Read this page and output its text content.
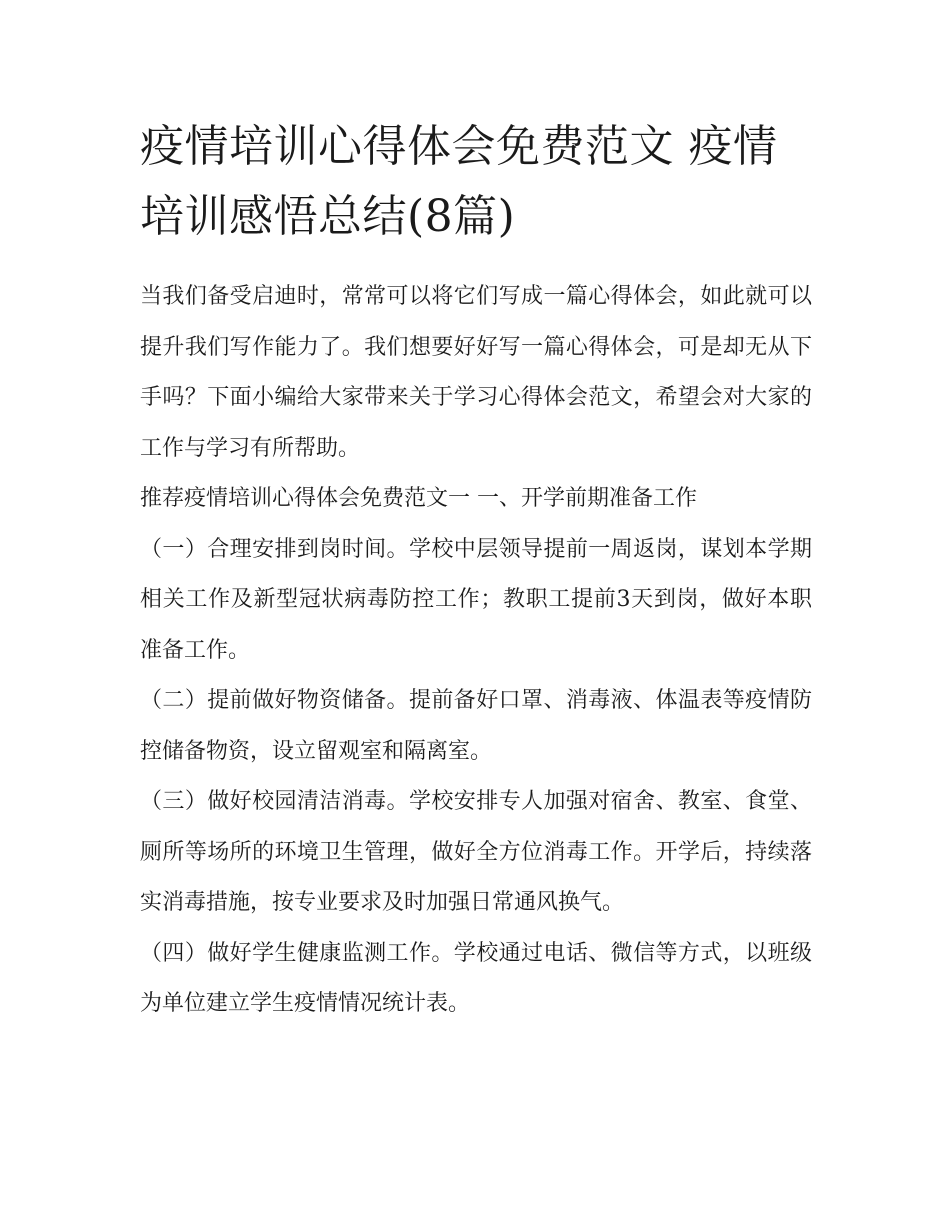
疫情培训心得体会免费范文 疫情培训感悟总结(8篇)

当我们备受启迪时，常常可以将它们写成一篇心得体会，如此就可以提升我们写作能力了。我们想要好好写一篇心得体会，可是却无从下手吗？下面小编给大家带来关于学习心得体会范文，希望会对大家的工作与学习有所帮助。

推荐疫情培训心得体会免费范文一 一、开学前期准备工作

（一）合理安排到岗时间。学校中层领导提前一周返岗，谋划本学期相关工作及新型冠状病毒防控工作；教职工提前3天到岗，做好本职准备工作。

（二）提前做好物资储备。提前备好口罩、消毒液、体温表等疫情防控储备物资，设立留观室和隔离室。

（三）做好校园清洁消毒。学校安排专人加强对宿舍、教室、食堂、厕所等场所的环境卫生管理，做好全方位消毒工作。开学后，持续落实消毒措施，按专业要求及时加强日常通风换气。

（四）做好学生健康监测工作。学校通过电话、微信等方式，以班级为单位建立学生疫情情况统计表。
